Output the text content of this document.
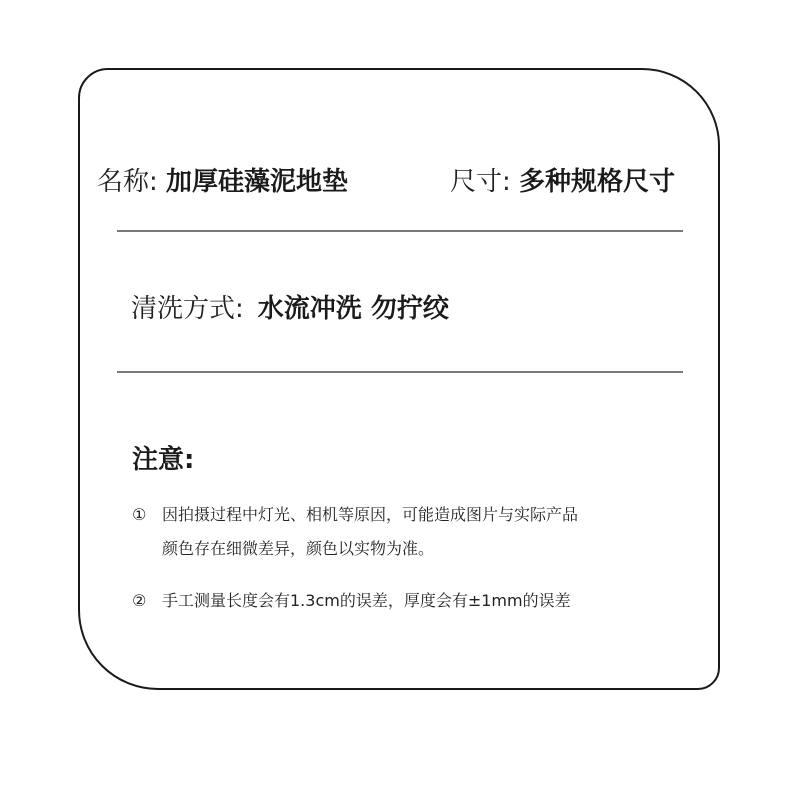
名称: 加厚硅藻泥地垫	尺寸: 多种规格尺寸
清洗方式: 水流冲洗 勿拧绞
注意:
① 因拍摄过程中灯光、相机等原因，可能造成图片与实际产品
颜色存在细微差异，颜色以实物为准。
② 手工测量长度会有1.3cm的误差，厚度会有±1mm的误差
